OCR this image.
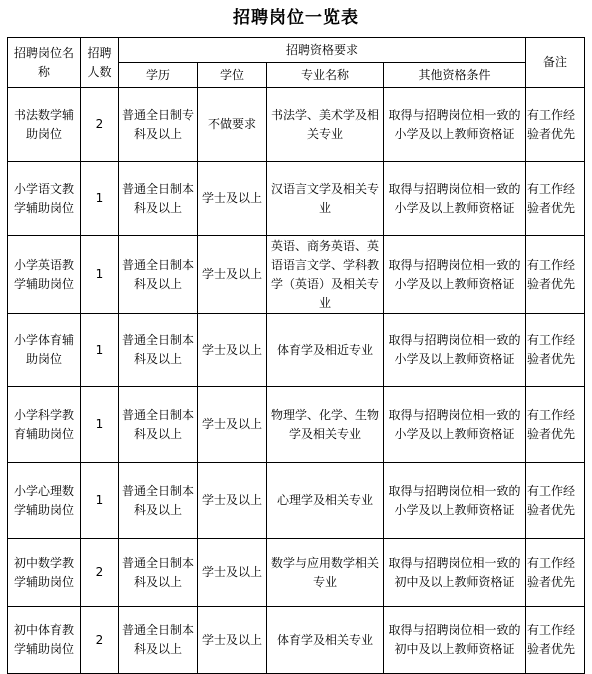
招聘岗位一览表
招聘岗位名 称	招聘人数	招聘资格要求				备注
		学历	学位	专业名称	其他资格条件	
书法数学辅助岗位	2	普通全日制专科及以上	不做要求	书法学、美术学及相关专业	取得与招聘岗位相一致的小学及以上教师资格证	有工作经验者优先
小学语文教学辅助岗位	1	普通全日制本科及以上	学士及以上	汉语言文学及相关专业	取得与招聘岗位相一致的小学及以上教师资格证	有工作经验者优先
小学英语教学辅助岗位	1	普通全日制本科及以上	学士及以上	英语、商务英语、英语语言文学、学科教学（英语）及相关专业	取得与招聘岗位相一致的小学及以上教师资格证	有工作经验者优先
小学体育辅助岗位	1	普通全日制本科及以上	学士及以上	体育学及相近专业	取得与招聘岗位相一致的小学及以上教师资格证	有工作经验者优先
小学科学教育辅助岗位	1	普通全日制本科及以上	学士及以上	物理学、化学、生物学及相关专业	取得与招聘岗位相一致的小学及以上教师资格证	有工作经验者优先
小学心理数学辅助岗位	1	普通全日制本科及以上	学士及以上	心理学及相关专业	取得与招聘岗位相一致的小学及以上教师资格证	有工作经验者优先
初中数学教学辅助岗位	2	普通全日制本科及以上	学士及以上	数学与应用数学相关专业	取得与招聘岗位相一致的初中及以上教师资格证	有工作经验者优先
初中体育教学辅助岗位	2	普通全日制本科及以上	学士及以上	体育学及相关专业	取得与招聘岗位相一致的初中及以上教师资格证	有工作经验者优先
